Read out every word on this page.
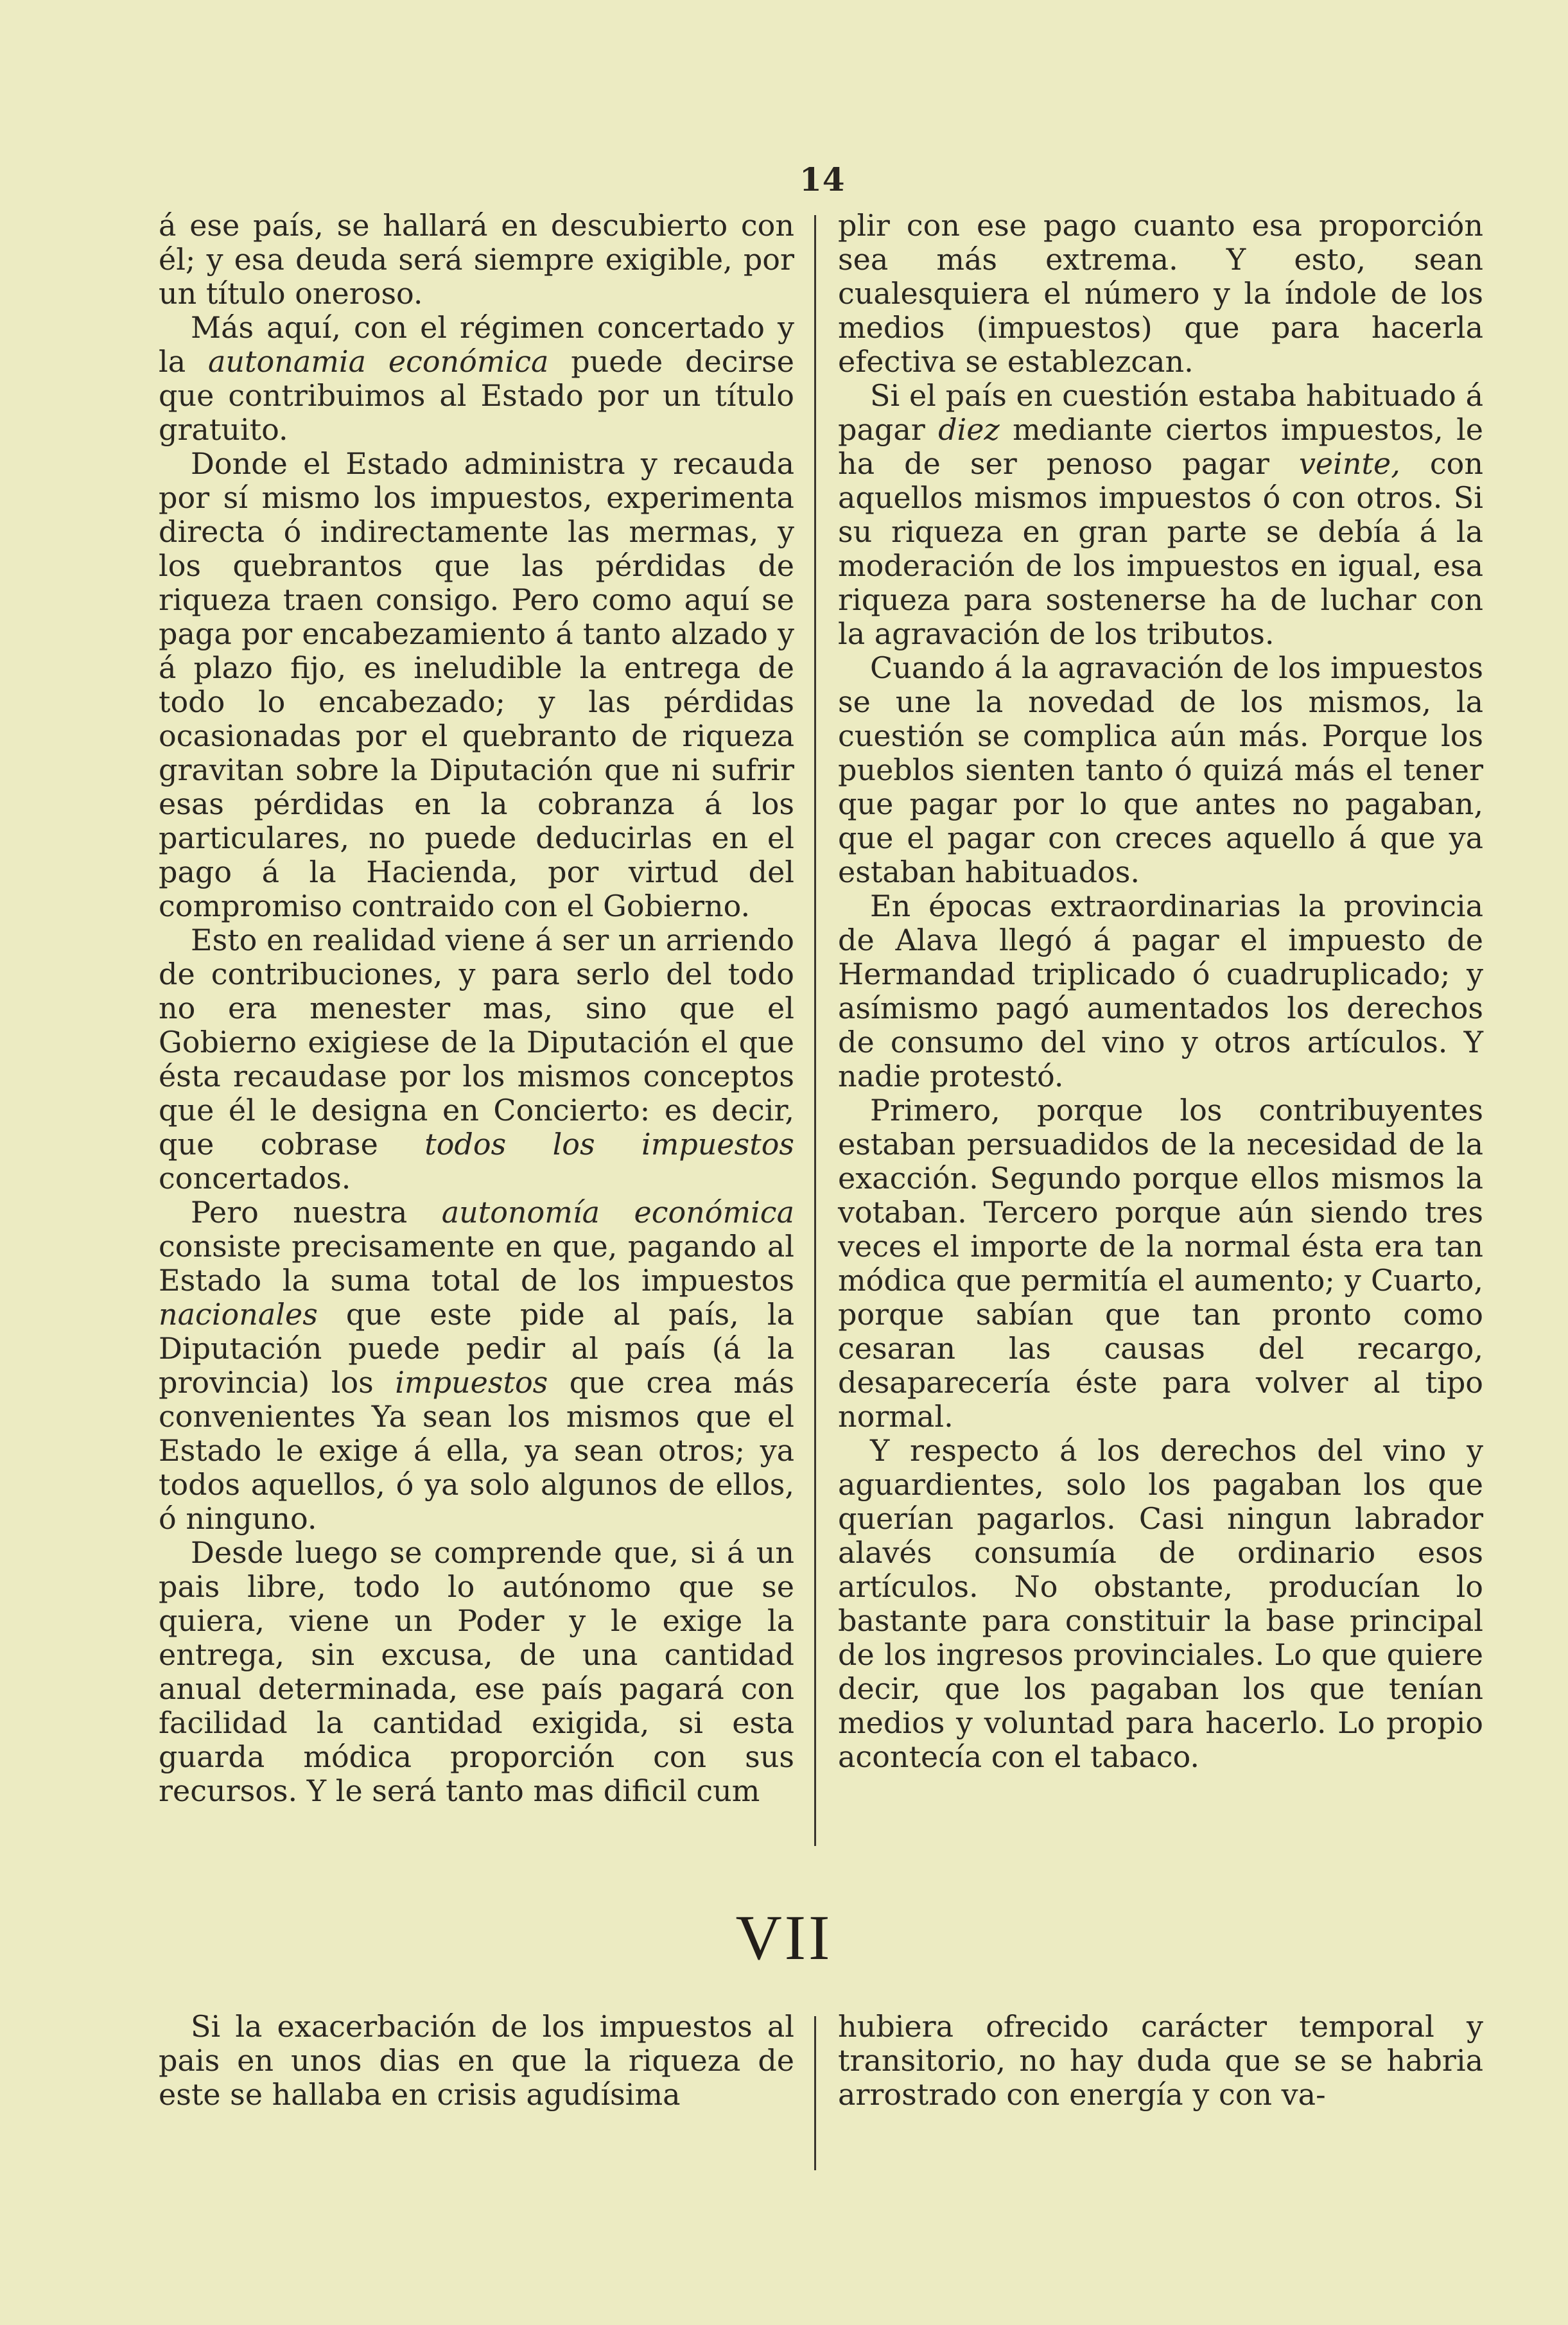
14

á ese país, se hallará en descubierto con él; y esa deuda será siempre exigible, por un título oneroso.

Más aquí, con el régimen concertado y la autonamia económica puede decirse que contribuimos al Estado por un título gratuito.

Donde el Estado administra y recauda por sí mismo los impuestos, experimenta directa ó indirectamente las mermas, y los quebrantos que las pérdidas de riqueza traen consigo. Pero como aquí se paga por encabezamiento á tanto alzado y á plazo fijo, es ineludible la entrega de todo lo encabezado; y las pérdidas ocasionadas por el quebranto de riqueza gravitan sobre la Diputación que ni sufrir esas pérdidas en la cobranza á los particulares, no puede deducirlas en el pago á la Hacienda, por virtud del compromiso contraido con el Gobierno.

Esto en realidad viene á ser un arriendo de contribuciones, y para serlo del todo no era menester mas, sino que el Gobierno exigiese de la Diputación el que ésta recaudase por los mismos conceptos que él le designa en Concierto: es decir, que cobrase todos los impuestos concertados.

Pero nuestra autonomía económica consiste precisamente en que, pagando al Estado la suma total de los impuestos nacionales que este pide al país, la Diputación puede pedir al país (á la provincia) los impuestos que crea más convenientes Ya sean los mismos que el Estado le exige á ella, ya sean otros; ya todos aquellos, ó ya solo algunos de ellos, ó ninguno.

Desde luego se comprende que, si á un pais libre, todo lo autónomo que se quiera, viene un Poder y le exige la entrega, sin excusa, de una cantidad anual determinada, ese país pagará con facilidad la cantidad exigida, si esta guarda módica proporción con sus recursos. Y le será tanto mas dificil cum

plir con ese pago cuanto esa proporción sea más extrema. Y esto, sean cualesquiera el número y la índole de los medios (impuestos) que para hacerla efectiva se establezcan.

Si el país en cuestión estaba habituado á pagar diez mediante ciertos impuestos, le ha de ser penoso pagar veinte, con aquellos mismos impuestos ó con otros. Si su riqueza en gran parte se debía á la moderación de los impuestos en igual, esa riqueza para sostenerse ha de luchar con la agravación de los tributos.

Cuando á la agravación de los impuestos se une la novedad de los mismos, la cuestión se complica aún más. Porque los pueblos sienten tanto ó quizá más el tener que pagar por lo que antes no pagaban, que el pagar con creces aquello á que ya estaban habituados.

En épocas extraordinarias la provincia de Alava llegó á pagar el impuesto de Hermandad triplicado ó cuadruplicado; y asímismo pagó aumentados los derechos de consumo del vino y otros artículos. Y nadie protestó.

Primero, porque los contribuyentes estaban persuadidos de la necesidad de la exacción. Segundo porque ellos mismos la votaban. Tercero porque aún siendo tres veces el importe de la normal ésta era tan módica que permitía el aumento; y Cuarto, porque sabían que tan pronto como cesaran las causas del recargo, desaparecería éste para volver al tipo normal.

Y respecto á los derechos del vino y aguardientes, solo los pagaban los que querían pagarlos. Casi ningun labrador alavés consumía de ordinario esos artículos. No obstante, producían lo bastante para constituir la base principal de los ingresos provinciales. Lo que quiere decir, que los pagaban los que tenían medios y voluntad para hacerlo. Lo propio acontecía con el tabaco.

VII

Si la exacerbación de los impuestos al pais en unos dias en que la riqueza de este se hallaba en crisis agudísima

hubiera ofrecido carácter temporal y transitorio, no hay duda que se se habria arrostrado con energía y con va-
